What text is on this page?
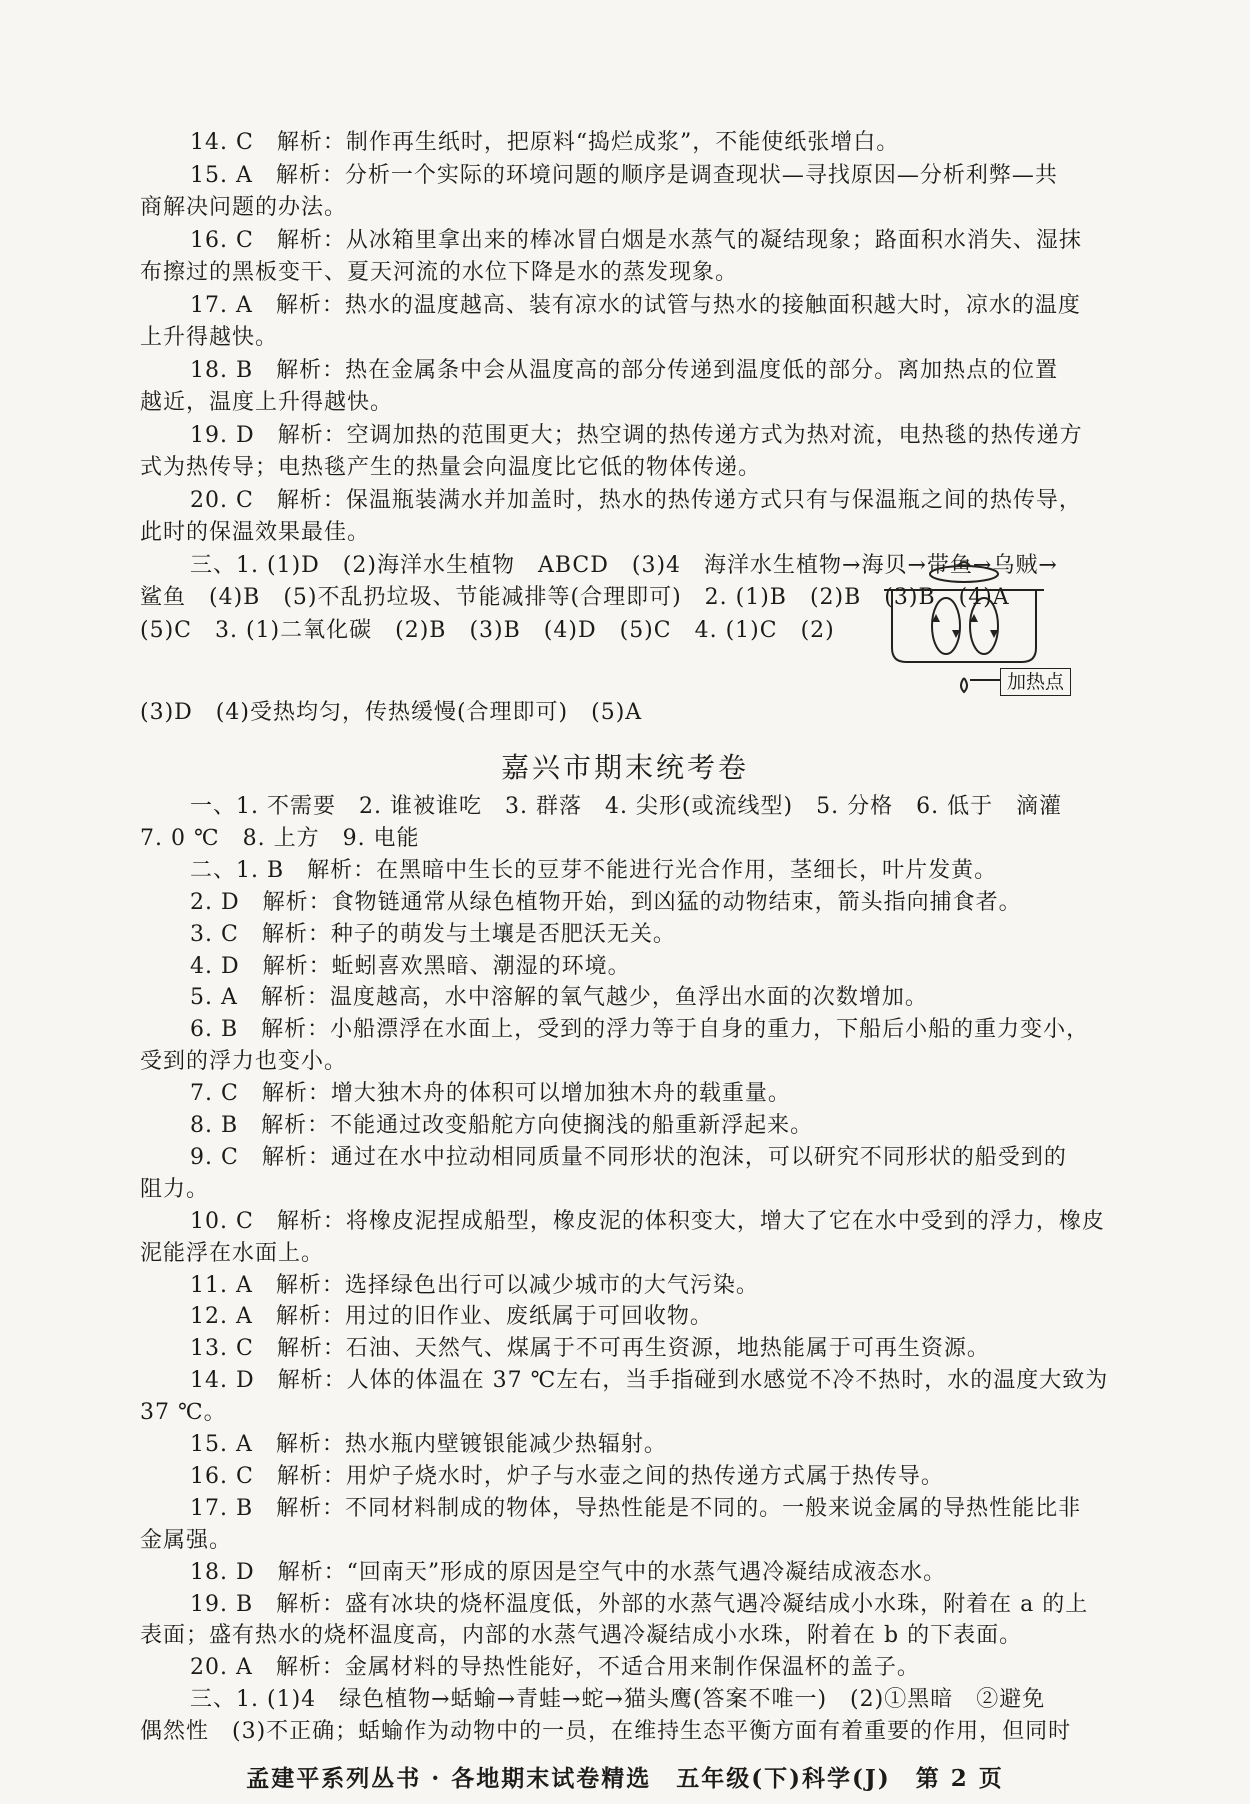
14. C　解析：制作再生纸时，把原料“捣烂成浆”，不能使纸张增白。
15. A　解析：分析一个实际的环境问题的顺序是调查现状—寻找原因—分析利弊—共
商解决问题的办法。
16. C　解析：从冰箱里拿出来的棒冰冒白烟是水蒸气的凝结现象；路面积水消失、湿抹
布擦过的黑板变干、夏天河流的水位下降是水的蒸发现象。
17. A　解析：热水的温度越高、装有凉水的试管与热水的接触面积越大时，凉水的温度
上升得越快。
18. B　解析：热在金属条中会从温度高的部分传递到温度低的部分。离加热点的位置
越近，温度上升得越快。
19. D　解析：空调加热的范围更大；热空调的热传递方式为热对流，电热毯的热传递方
式为热传导；电热毯产生的热量会向温度比它低的物体传递。
20. C　解析：保温瓶装满水并加盖时，热水的热传递方式只有与保温瓶之间的热传导，
此时的保温效果最佳。
三、1. (1)D　(2)海洋水生植物　ABCD　(3)4　海洋水生植物→海贝→带鱼→乌贼→
鲨鱼　(4)B　(5)不乱扔垃圾、节能减排等(合理即可)　2. (1)B　(2)B　(3)B　(4)A
(5)C　3. (1)二氧化碳　(2)B　(3)B　(4)D　(5)C　4. (1)C　(2)
加热点
(3)D　(4)受热均匀，传热缓慢(合理即可)　(5)A
嘉兴市期末统考卷
一、1. 不需要　2. 谁被谁吃　3. 群落　4. 尖形(或流线型)　5. 分格　6. 低于　滴灌
7. 0 ℃　8. 上方　9. 电能
二、1. B　解析：在黑暗中生长的豆芽不能进行光合作用，茎细长，叶片发黄。
2. D　解析：食物链通常从绿色植物开始，到凶猛的动物结束，箭头指向捕食者。
3. C　解析：种子的萌发与土壤是否肥沃无关。
4. D　解析：蚯蚓喜欢黑暗、潮湿的环境。
5. A　解析：温度越高，水中溶解的氧气越少，鱼浮出水面的次数增加。
6. B　解析：小船漂浮在水面上，受到的浮力等于自身的重力，下船后小船的重力变小，
受到的浮力也变小。
7. C　解析：增大独木舟的体积可以增加独木舟的载重量。
8. B　解析：不能通过改变船舵方向使搁浅的船重新浮起来。
9. C　解析：通过在水中拉动相同质量不同形状的泡沫，可以研究不同形状的船受到的
阻力。
10. C　解析：将橡皮泥捏成船型，橡皮泥的体积变大，增大了它在水中受到的浮力，橡皮
泥能浮在水面上。
11. A　解析：选择绿色出行可以减少城市的大气污染。
12. A　解析：用过的旧作业、废纸属于可回收物。
13. C　解析：石油、天然气、煤属于不可再生资源，地热能属于可再生资源。
14. D　解析：人体的体温在 37 ℃左右，当手指碰到水感觉不冷不热时，水的温度大致为
37 ℃。
15. A　解析：热水瓶内壁镀银能减少热辐射。
16. C　解析：用炉子烧水时，炉子与水壶之间的热传递方式属于热传导。
17. B　解析：不同材料制成的物体，导热性能是不同的。一般来说金属的导热性能比非
金属强。
18. D　解析：“回南天”形成的原因是空气中的水蒸气遇冷凝结成液态水。
19. B　解析：盛有冰块的烧杯温度低，外部的水蒸气遇冷凝结成小水珠，附着在 a 的上
表面；盛有热水的烧杯温度高，内部的水蒸气遇冷凝结成小水珠，附着在 b 的下表面。
20. A　解析：金属材料的导热性能好，不适合用来制作保温杯的盖子。
三、1. (1)4　绿色植物→蛞蝓→青蛙→蛇→猫头鹰(答案不唯一)　(2)①黑暗　②避免
偶然性　(3)不正确；蛞蝓作为动物中的一员，在维持生态平衡方面有着重要的作用，但同时
孟建平系列丛书 · 各地期末试卷精选　五年级(下)科学(J)　第 2 页
